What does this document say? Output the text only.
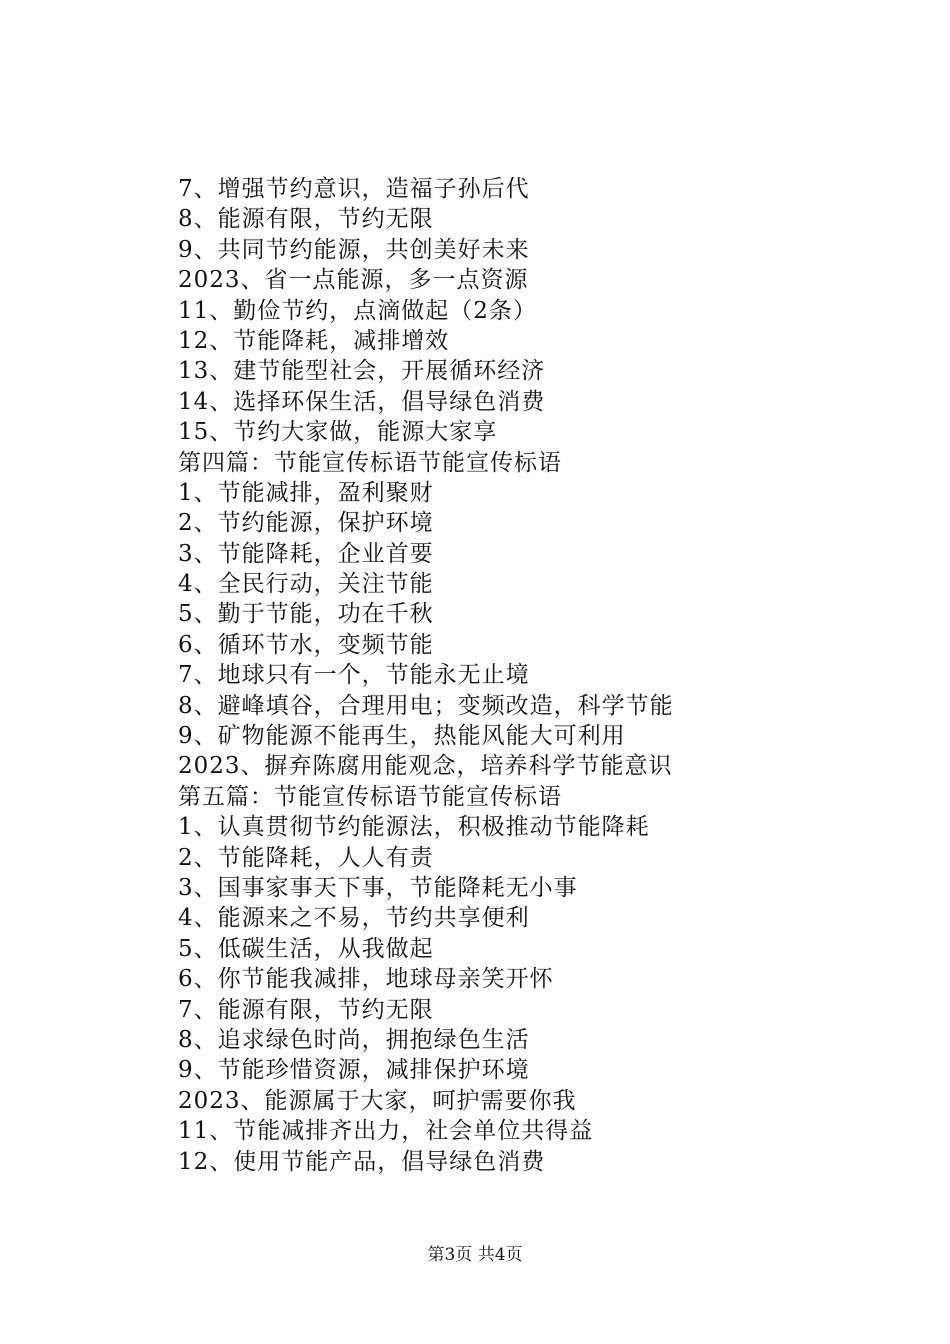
7、增强节约意识，造福子孙后代
8、能源有限，节约无限
9、共同节约能源，共创美好未来
2023、省一点能源，多一点资源
11、勤俭节约，点滴做起（2条）
12、节能降耗，减排增效
13、建节能型社会，开展循环经济
14、选择环保生活，倡导绿色消费
15、节约大家做，能源大家享
第四篇：节能宣传标语节能宣传标语
1、节能减排，盈利聚财
2、节约能源，保护环境
3、节能降耗，企业首要
4、全民行动，关注节能
5、勤于节能，功在千秋
6、循环节水，变频节能
7、地球只有一个，节能永无止境
8、避峰填谷，合理用电；变频改造，科学节能
9、矿物能源不能再生，热能风能大可利用
2023、摒弃陈腐用能观念，培养科学节能意识
第五篇：节能宣传标语节能宣传标语
1、认真贯彻节约能源法，积极推动节能降耗
2、节能降耗，人人有责
3、国事家事天下事，节能降耗无小事
4、能源来之不易，节约共享便利
5、低碳生活，从我做起
6、你节能我减排，地球母亲笑开怀
7、能源有限，节约无限
8、追求绿色时尚，拥抱绿色生活
9、节能珍惜资源，减排保护环境
2023、能源属于大家，呵护需要你我
11、节能减排齐出力，社会单位共得益
12、使用节能产品，倡导绿色消费
第3页 共4页
